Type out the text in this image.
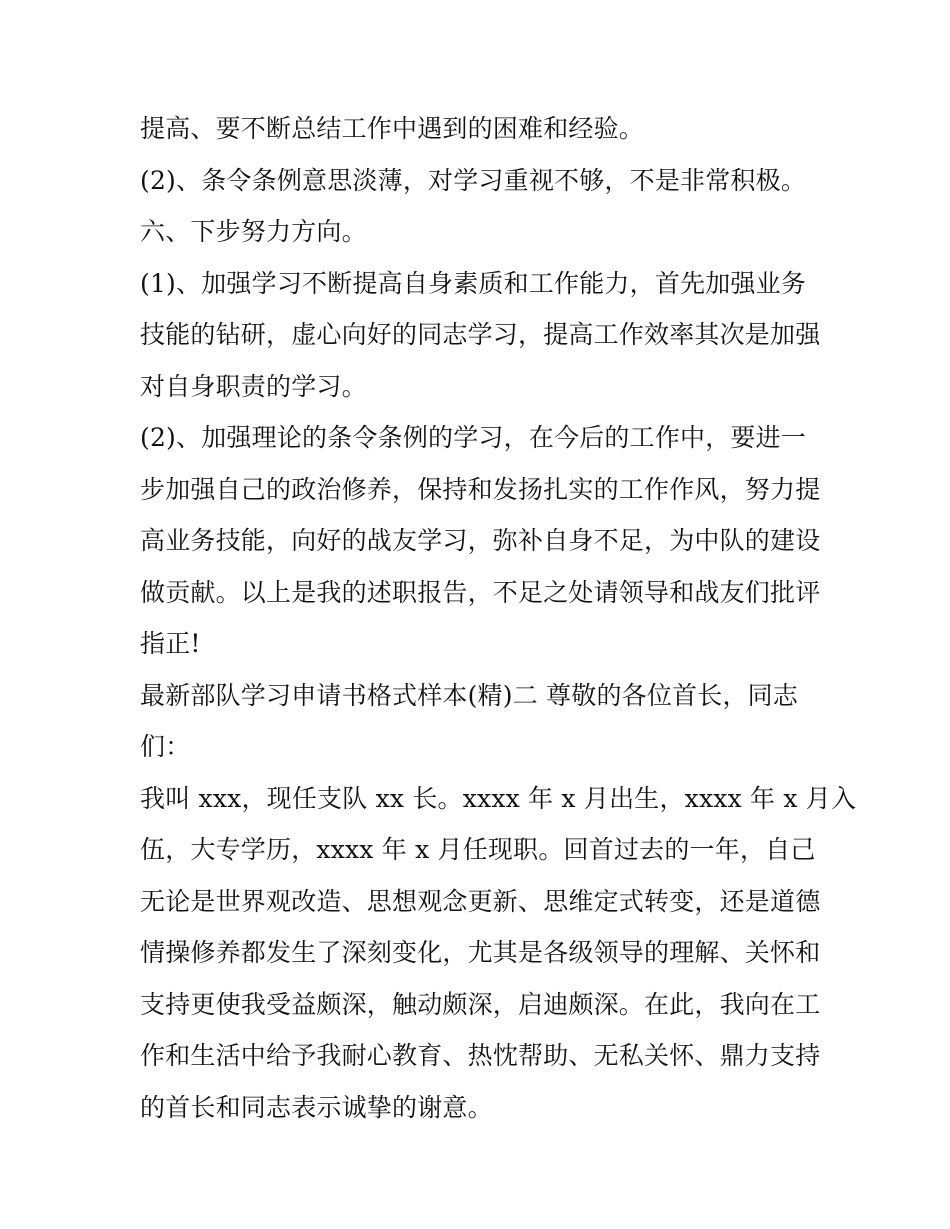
提高、要不断总结工作中遇到的困难和经验。
(2)、条令条例意思淡薄，对学习重视不够，不是非常积极。
六、下步努力方向。
(1)、加强学习不断提高自身素质和工作能力，首先加强业务
技能的钻研，虚心向好的同志学习，提高工作效率其次是加强
对自身职责的学习。
(2)、加强理论的条令条例的学习，在今后的工作中，要进一
步加强自己的政治修养，保持和发扬扎实的工作作风，努力提
高业务技能，向好的战友学习，弥补自身不足，为中队的建设
做贡献。以上是我的述职报告，不足之处请领导和战友们批评
指正!
最新部队学习申请书格式样本(精)二 尊敬的各位首长，同志
们：
我叫 xxx，现任支队 xx 长。xxxx 年 x 月出生，xxxx 年 x 月入
伍，大专学历，xxxx 年 x 月任现职。回首过去的一年，自己
无论是世界观改造、思想观念更新、思维定式转变，还是道德
情操修养都发生了深刻变化，尤其是各级领导的理解、关怀和
支持更使我受益颇深，触动颇深，启迪颇深。在此，我向在工
作和生活中给予我耐心教育、热忱帮助、无私关怀、鼎力支持
的首长和同志表示诚挚的谢意。
